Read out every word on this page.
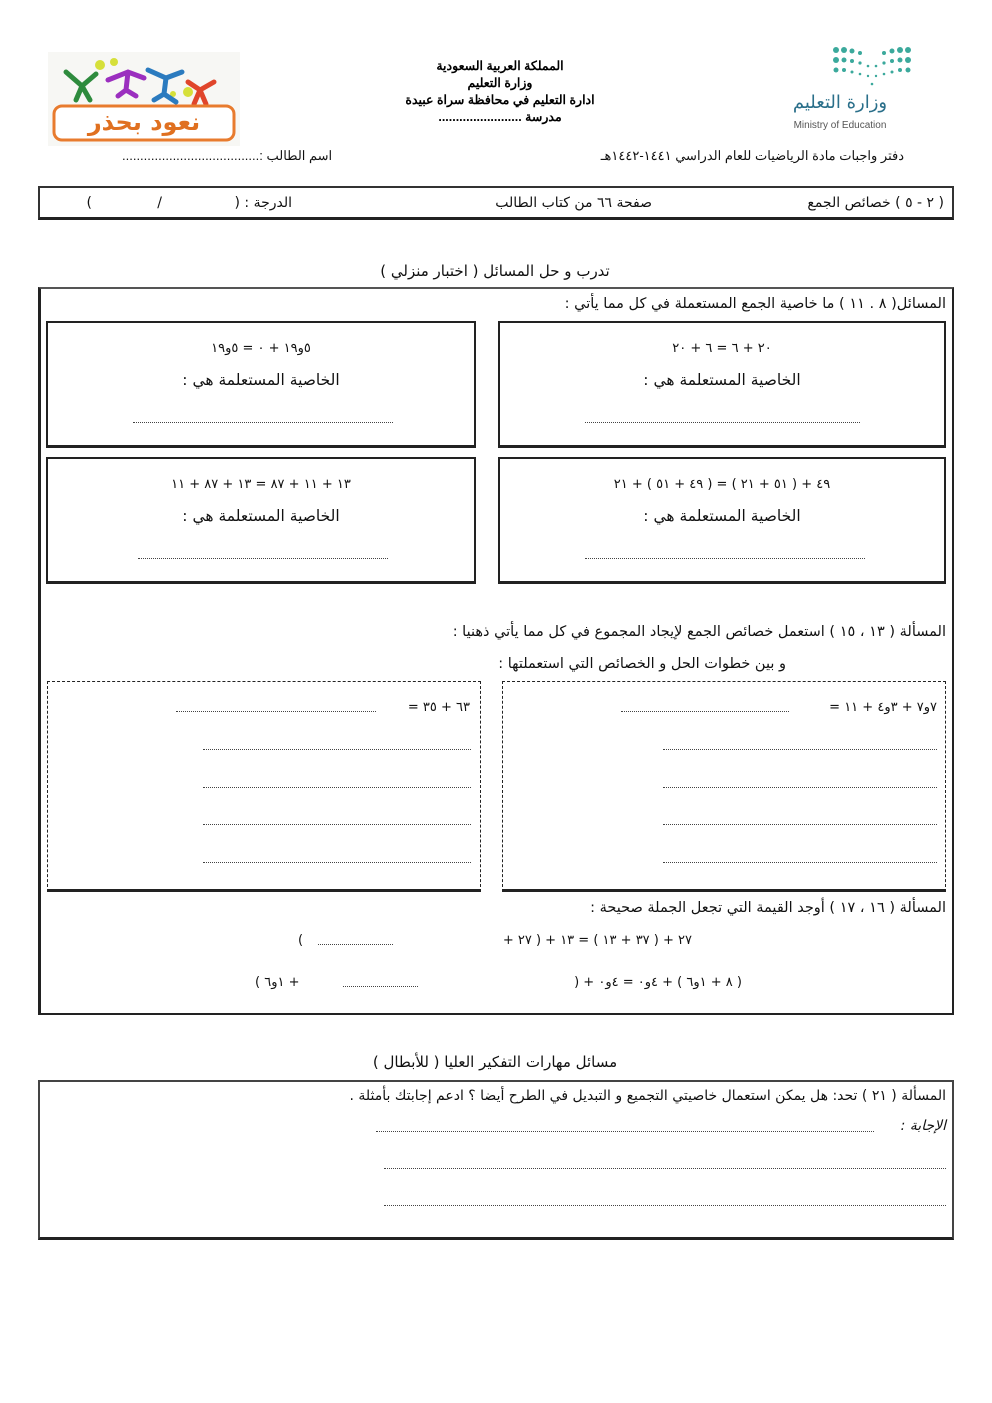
نعود بحذر
المملكة العربية السعودية
وزارة التعليم
ادارة التعليم في محافظة سراة عبيدة
مدرسة ........................
وزارة التعليم
Ministry of Education
دفتر واجبات مادة الرياضيات للعام الدراسي ١٤٤١-١٤٤٢هـ
اسم الطالب :......................................
( ٢ - ٥ ) خصائص الجمع
صفحة ٦٦ من كتاب الطالب
الدرجة : (
/
)
تدرب و حل المسائل ( اختبار منزلي )
المسائل( ٨ . ١١ ) ما خاصية الجمع المستعملة في كل مما يأتي :
٢٠ + ٦ = ٦ + ٢٠
الخاصية المستعلمة هي :
٥و١٩ + ٠ = ٥و١٩
الخاصية المستعلمة هي :
٤٩ + ( ٥١ + ٢١ ) = ( ٤٩ + ٥١ ) + ٢١
الخاصية المستعلمة هي :
١٣ + ١١ + ٨٧ = ١٣ + ٨٧ + ١١
الخاصية المستعلمة هي :
المسألة ( ١٣ ، ١٥ ) استعمل خصائص الجمع لإيجاد المجموع في كل مما يأتي ذهنيا :
و بين خطوات الحل و الخصائص التي استعملتها :
٧و٧ + ٣و٤ + ١١ =
٦٣ + ٣٥ =
المسألة ( ١٦ ، ١٧ ) أوجد القيمة التي تجعل الجملة صحيحة :
٢٧ + ( ٣٧ + ١٣ ) = ١٣ + ( ٢٧ +
)
( ٨ + ١و٦ ) + ٤و٠ = ٤و٠ + (
+ ١و٦ )
مسائل مهارات التفكير العليا ( للأبطال )
المسألة ( ٢١ ) تحد: هل يمكن استعمال خاصيتي التجميع و التبديل في الطرح أيضا ؟ ادعم إجابتك بأمثلة .
الإجابة :
